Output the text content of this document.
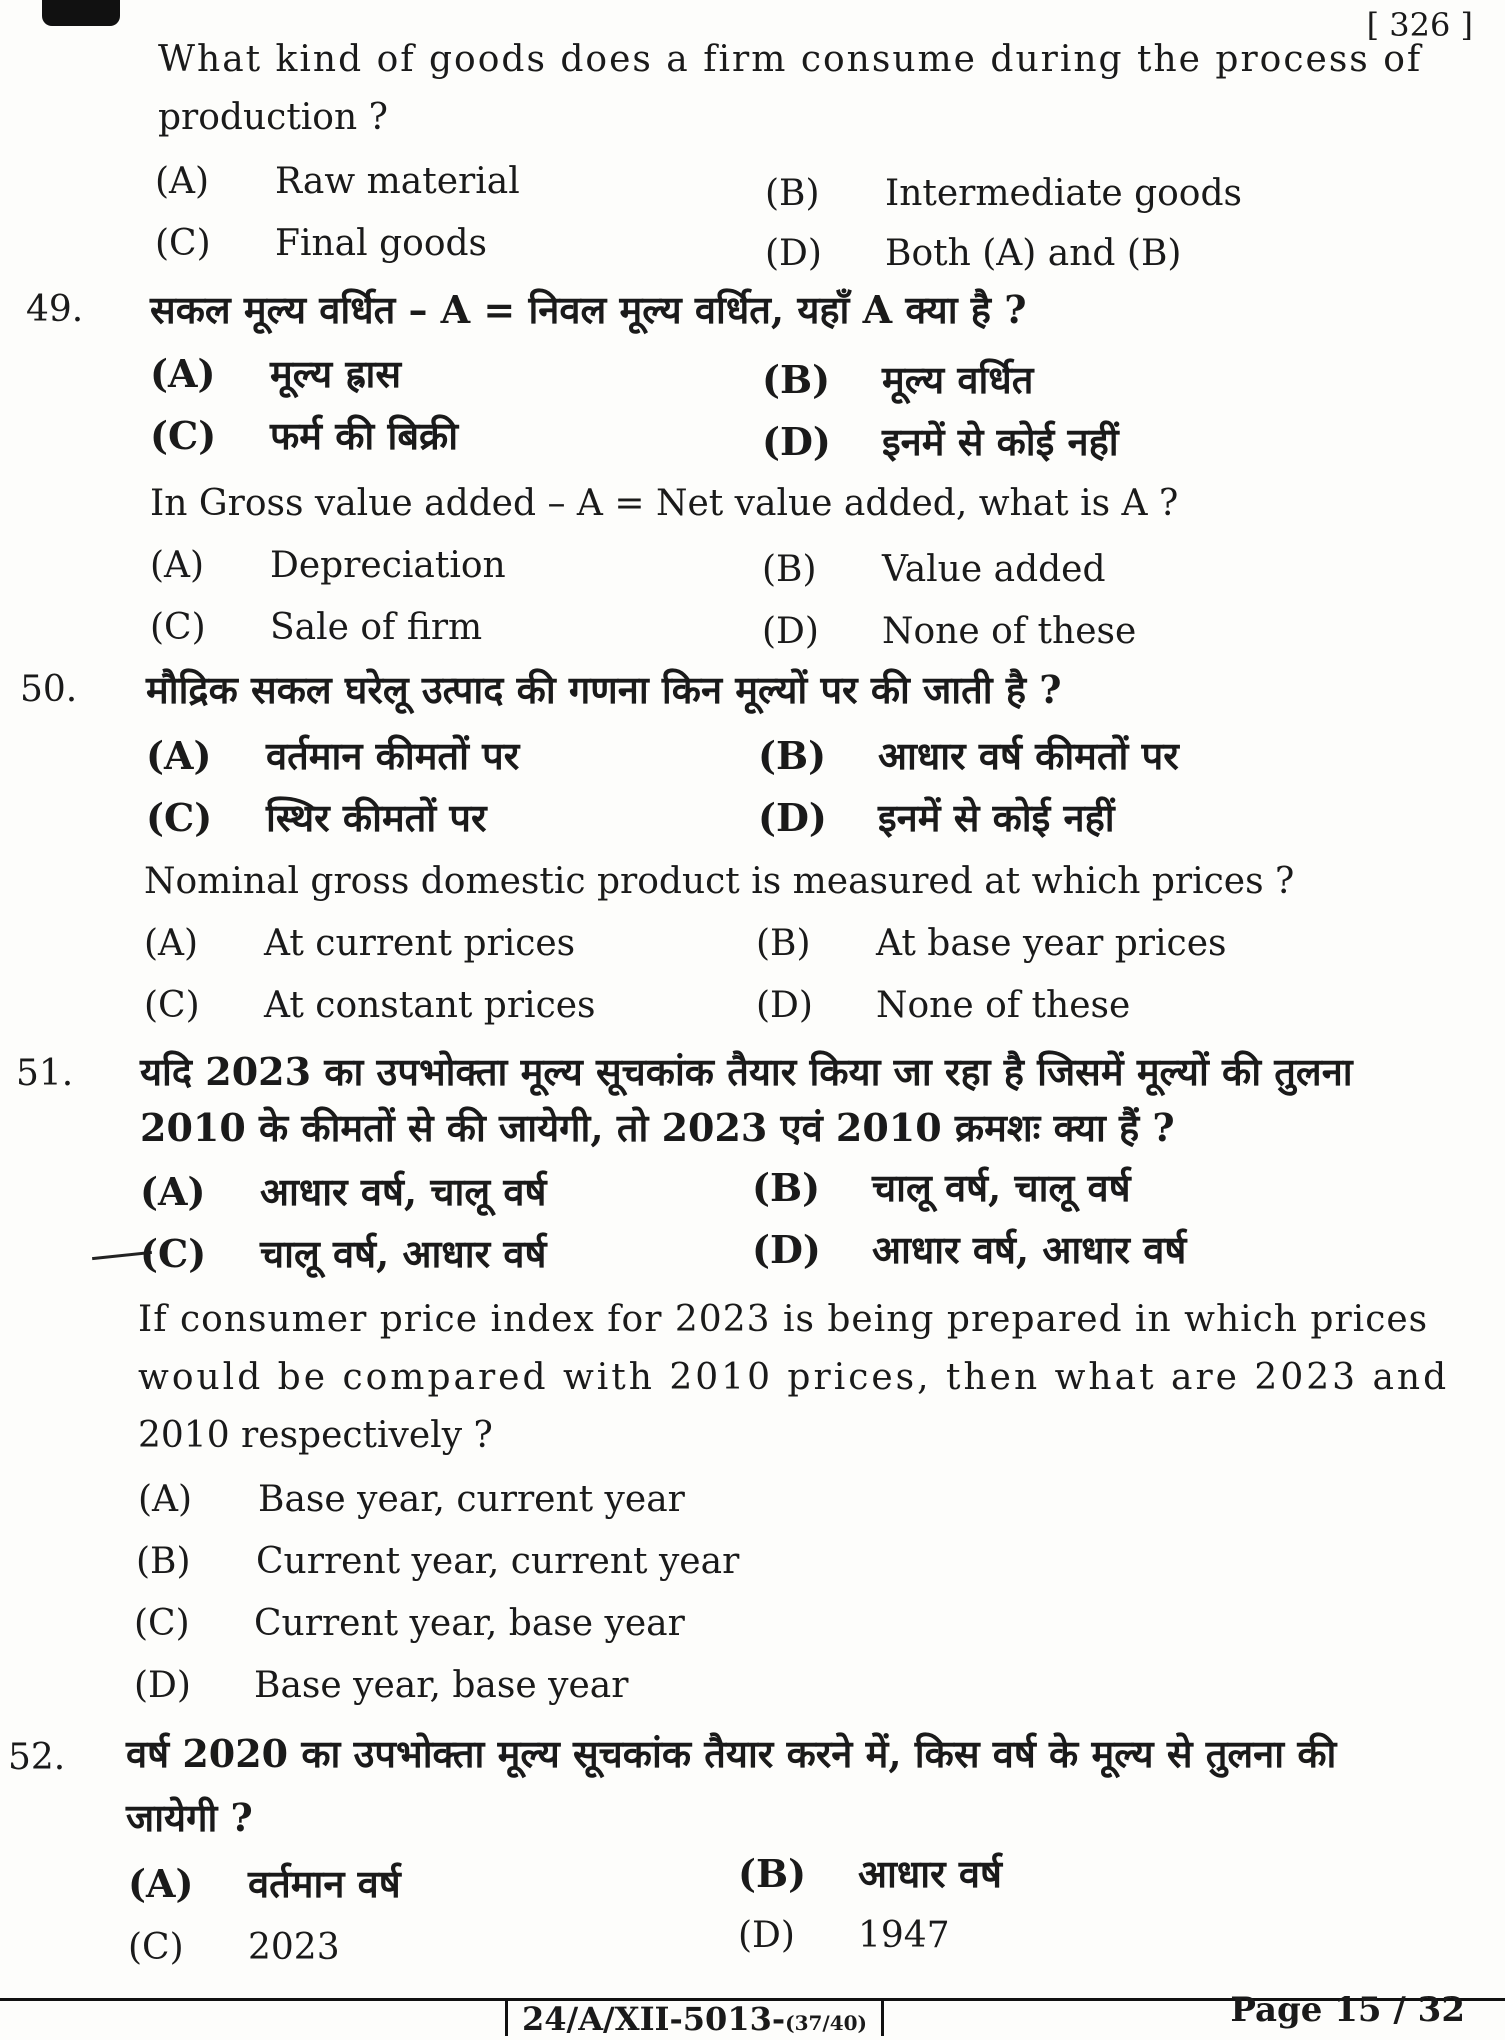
[ 326 ]
What kind of goods does a firm consume during the process of
production ?
(A) Raw material	(B) Intermediate goods
(C) Final goods	(D) Both (A) and (B)
49. सकल मूल्य वर्धित – A = निवल मूल्य वर्धित, यहाँ A क्या है ?
(A) मूल्य ह्रास	(B) मूल्य वर्धित
(C) फर्म की बिक्री	(D) इनमें से कोई नहीं
In Gross value added – A = Net value added, what is A ?
(A) Depreciation	(B) Value added
(C) Sale of firm	(D) None of these
50. मौद्रिक सकल घरेलू उत्पाद की गणना किन मूल्यों पर की जाती है ?
(A) वर्तमान कीमतों पर	(B) आधार वर्ष कीमतों पर
(C) स्थिर कीमतों पर	(D) इनमें से कोई नहीं
Nominal gross domestic product is measured at which prices ?
(A) At current prices	(B) At base year prices
(C) At constant prices	(D) None of these
51. यदि 2023 का उपभोक्ता मूल्य सूचकांक तैयार किया जा रहा है जिसमें मूल्यों की तुलना
2010 के कीमतों से की जायेगी, तो 2023 एवं 2010 क्रमशः क्या हैं ?
(A) आधार वर्ष, चालू वर्ष	(B) चालू वर्ष, चालू वर्ष
(C) चालू वर्ष, आधार वर्ष	(D) आधार वर्ष, आधार वर्ष
If consumer price index for 2023 is being prepared in which prices
would be compared with 2010 prices, then what are 2023 and
2010 respectively ?
(A) Base year, current year
(B) Current year, current year
(C) Current year, base year
(D) Base year, base year
52. वर्ष 2020 का उपभोक्ता मूल्य सूचकांक तैयार करने में, किस वर्ष के मूल्य से तुलना की
जायेगी ?
(A) वर्तमान वर्ष	(B) आधार वर्ष
(C) 2023	(D) 1947
24/A/XII-5013-(37/40)	Page 15 / 32
